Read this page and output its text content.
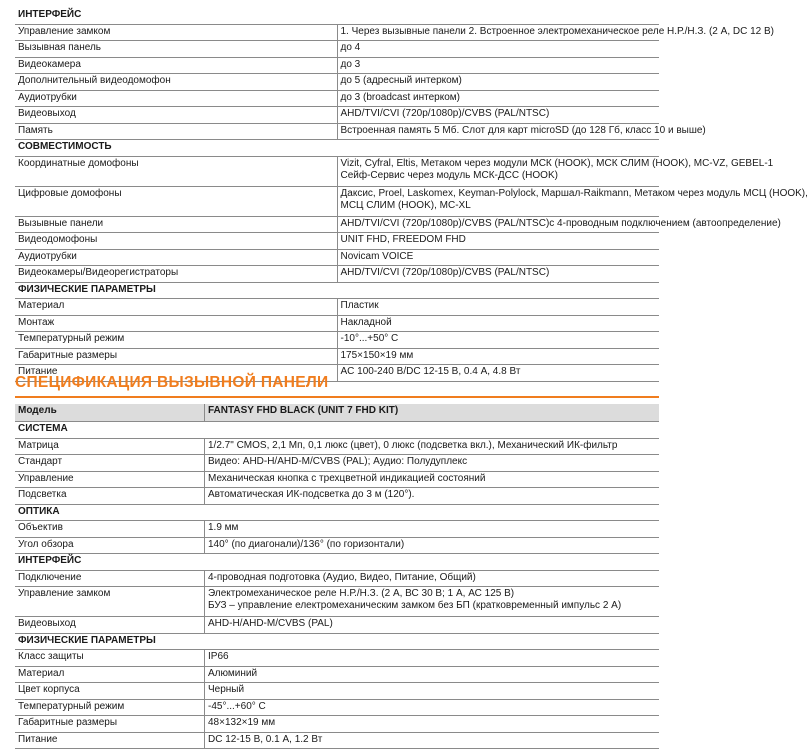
ИНТЕРФЕЙС	
Управление замком	1. Через вызывные панели 2. Встроенное электромеханическое реле Н.Р./Н.З. (2 А, DC 12 В)

Вызывная панель	до 4

Видеокамера	до 3

Дополнительный видеодомофон	до 5 (адресный интерком)

Аудиотрубки	до 3 (broadcast интерком)

Видеовыход	AHD/TVI/CVI (720p/1080p)/CVBS (PAL/NTSC)

Память	Встроенная память 5 Мб. Слот для карт microSD (до 128 Гб, класс 10 и выше)

СОВМЕСТИМОСТЬ	
Координатные домофоны	Vizit, Cyfral, Eltis, Метаком через модули МСК (HOOK), МСК СЛИМ (HOOK), МС-VZ, GEBEL-1
Сейф-Сервис через модуль МСК-ДСС (HOOK)

Цифровые домофоны	Даксис, Proel, Laskomex, Keyman-Polylock, Маршал-Raikmann, Метаком через модуль МСЦ (HOOK),
МСЦ СЛИМ (HOOK), МС-XL

Вызывные панели	AHD/TVI/CVI (720p/1080p)/CVBS (PAL/NTSC)с 4-проводным подключением (автоопределение)

Видеодомофоны	UNIT FHD, FREEDOM FHD

Аудиотрубки	Novicam VOICE

Видеокамеры/Видеорегистраторы	AHD/TVI/CVI (720p/1080p)/CVBS (PAL/NTSC)

ФИЗИЧЕСКИЕ ПАРАМЕТРЫ	
Материал	Пластик

Монтаж	Накладной

Температурный режим	-10°...+50° С

Габаритные размеры	175×150×19 мм

Питание	AC 100-240 В/DC 12-15 В, 0.4 А, 4.8 Вт
СПЕЦИФИКАЦИЯ ВЫЗЫВНОЙ ПАНЕЛИ
Модель	FANTASY FHD BLACK (UNIT 7 FHD KIT)
СИСТЕМА	
Матрица	1/2.7" CMOS, 2,1 Мп, 0,1 люкс (цвет), 0 люкс (подсветка вкл.), Механический ИК-фильтр

Стандарт	Видео: AHD-H/AHD-M/CVBS (PAL); Аудио: Полудуплекс

Управление	Механическая кнопка с трехцветной индикацией состояний

Подсветка	Автоматическая ИК-подсветка до 3 м (120°).

ОПТИКА	
Объектив	1.9 мм

Угол обзора	140° (по диагонали)/136° (по горизонтали)

ИНТЕРФЕЙС	
Подключение	4-проводная подготовка (Аудио, Видео, Питание, Общий)

Управление замком	Электромеханическое реле Н.Р./Н.З. (2 А, ВС 30 В; 1 А, АС 125 В)
БУЗ – управление електромеханическим замком без БП (кратковременный импульс 2 А)

Видеовыход	AHD-H/AHD-M/CVBS (PAL)

ФИЗИЧЕСКИЕ ПАРАМЕТРЫ	
Класс защиты	IP66

Материал	Алюминий

Цвет корпуса	Черный

Температурный режим	-45°...+60° С

Габаритные размеры	48×132×19 мм

Питание	DC 12-15 В, 0.1 А, 1.2 Вт
